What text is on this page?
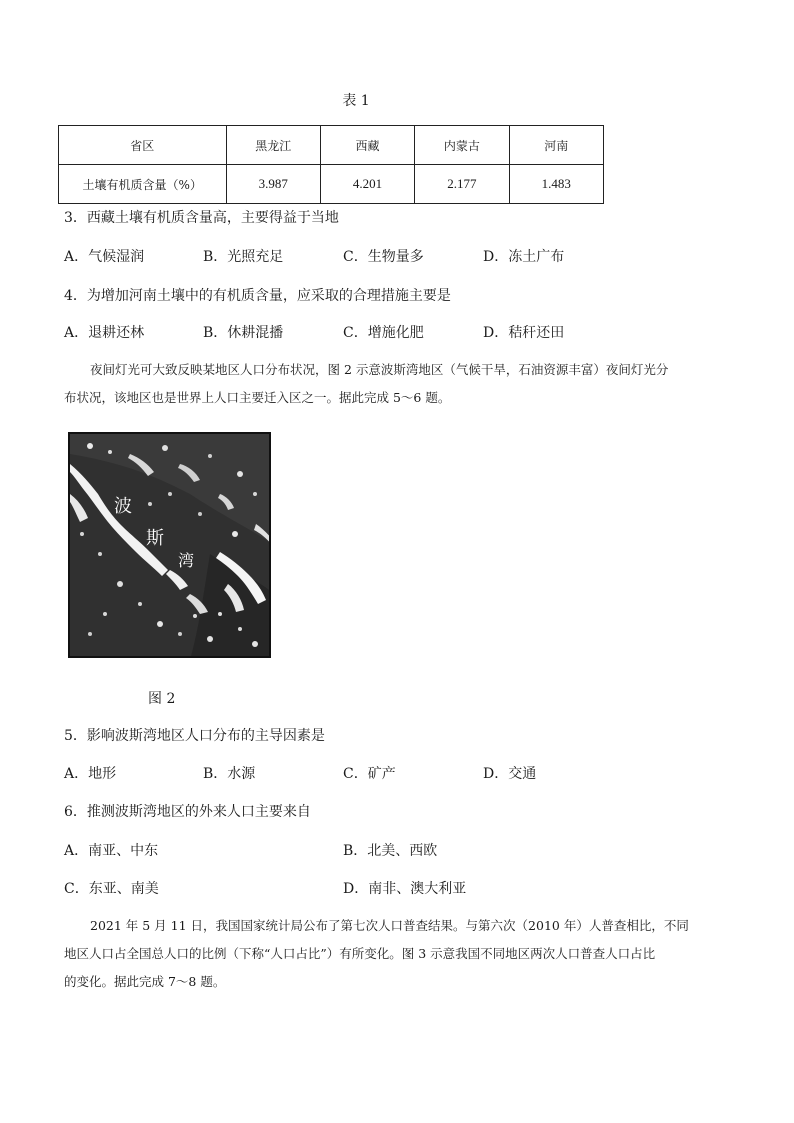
表 1
省区	黑龙江	西藏	内蒙古	河南
土壤有机质含量（%）	3.987	4.201	2.177	1.483
3．西藏土壤有机质含量高，主要得益于当地
A．气候湿润	B．光照充足	C．生物量多	D．冻土广布
4．为增加河南土壤中的有机质含量，应采取的合理措施主要是
A．退耕还林	B．休耕混播	C．增施化肥	D．秸秆还田
夜间灯光可大致反映某地区人口分布状况，图 2 示意波斯湾地区（气候干旱，石油资源丰富）夜间灯光分
布状况，该地区也是世界上人口主要迁入区之一。据此完成 5～6 题。
波
斯
湾
图 2
5．影响波斯湾地区人口分布的主导因素是
A．地形	B．水源	C．矿产	D．交通
6．推测波斯湾地区的外来人口主要来自
A．南亚、中东	B．北美、西欧
C．东亚、南美	D．南非、澳大利亚
2021 年 5 月 11 日，我国国家统计局公布了第七次人口普查结果。与第六次（2010 年）人普查相比，不同
地区人口占全国总人口的比例（下称“人口占比”）有所变化。图 3 示意我国不同地区两次人口普查人口占比
的变化。据此完成 7～8 题。
